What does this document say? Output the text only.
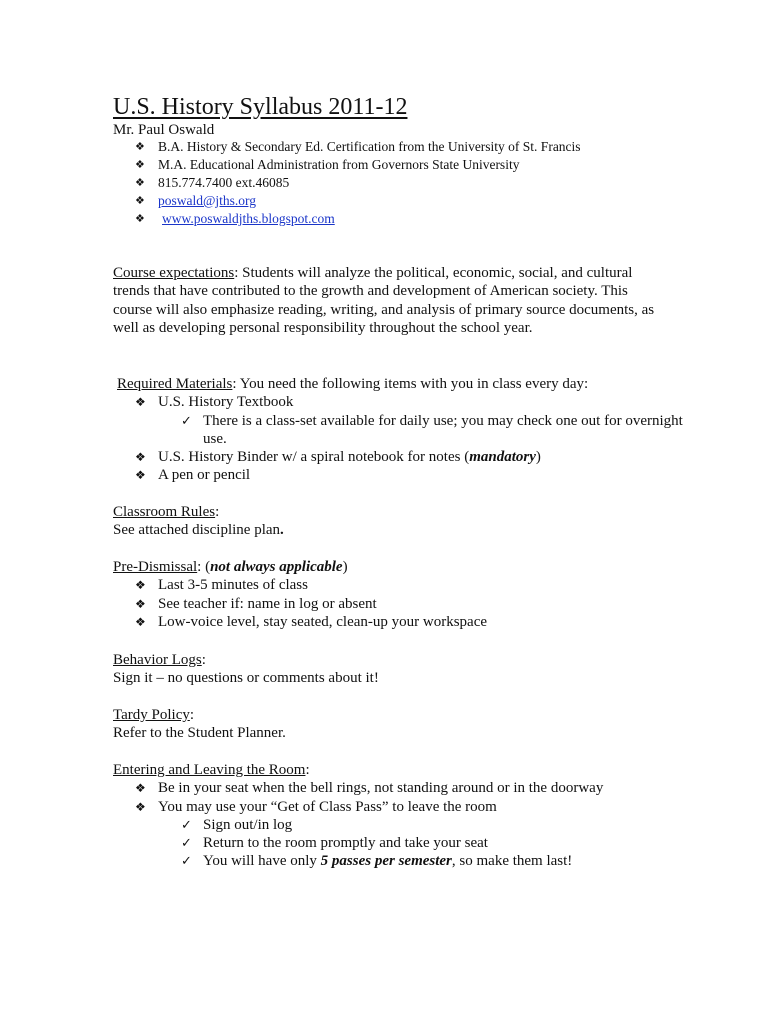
U.S. History Syllabus 2011-12
Mr. Paul Oswald
❖ B.A. History & Secondary Ed. Certification from the University of St. Francis
❖ M.A. Educational Administration from Governors State University
❖ 815.774.7400 ext.46085
❖ poswald@jths.org
❖ www.poswaldjths.blogspot.com
Course expectations: Students will analyze the political, economic, social, and cultural trends that have contributed to the growth and development of American society. This course will also emphasize reading, writing, and analysis of primary source documents, as well as developing personal responsibility throughout the school year.
Required Materials: You need the following items with you in class every day:
❖ U.S. History Textbook
✓ There is a class-set available for daily use; you may check one out for overnight use.
❖ U.S. History Binder w/ a spiral notebook for notes (mandatory)
❖ A pen or pencil
Classroom Rules:
See attached discipline plan.
Pre-Dismissal: (not always applicable)
❖ Last 3-5 minutes of class
❖ See teacher if: name in log or absent
❖ Low-voice level, stay seated, clean-up your workspace
Behavior Logs:
Sign it – no questions or comments about it!
Tardy Policy:
Refer to the Student Planner.
Entering and Leaving the Room:
❖ Be in your seat when the bell rings, not standing around or in the doorway
❖ You may use your “Get of Class Pass” to leave the room
✓ Sign out/in log
✓ Return to the room promptly and take your seat
✓ You will have only 5 passes per semester, so make them last!
